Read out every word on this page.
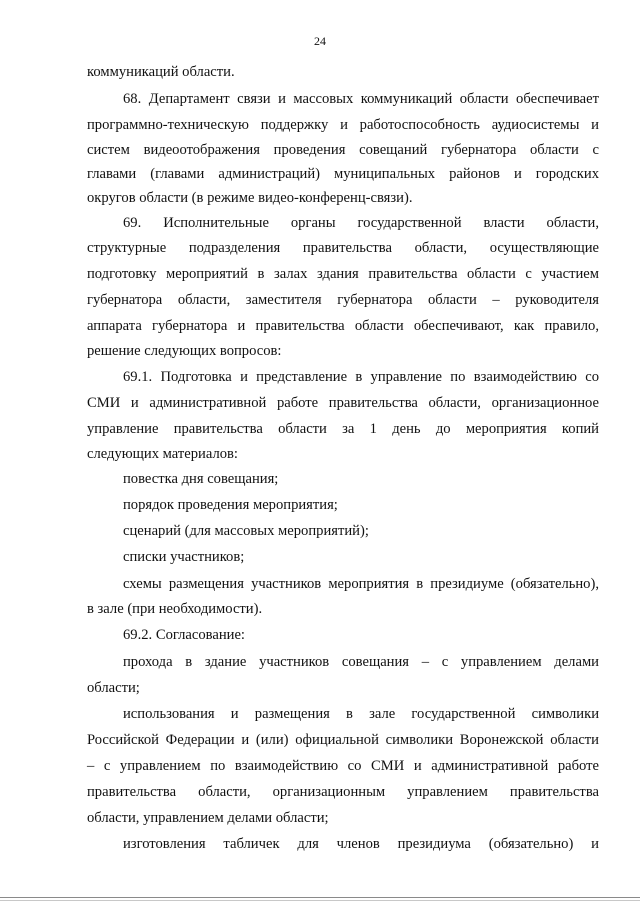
24
коммуникаций области.
68. Департамент связи и массовых коммуникаций области обеспечивает
программно-техническую поддержку и работоспособность аудиосистемы и
систем видеоотображения проведения совещаний губернатора области с
главами (главами администраций) муниципальных районов и городских
округов области (в режиме видео-конференц-связи).
69. Исполнительные органы государственной власти области,
структурные подразделения правительства области, осуществляющие
подготовку мероприятий в залах здания правительства области с участием
губернатора области, заместителя губернатора области – руководителя
аппарата губернатора и правительства области обеспечивают, как правило,
решение следующих вопросов:
69.1. Подготовка и представление в управление по взаимодействию со
СМИ и административной работе правительства области, организационное
управление правительства области за 1 день до мероприятия копий
следующих материалов:
повестка дня совещания;
порядок проведения мероприятия;
сценарий (для массовых мероприятий);
списки участников;
схемы размещения участников мероприятия в президиуме (обязательно),
в зале (при необходимости).
69.2. Согласование:
прохода в здание участников совещания – с управлением делами
области;
использования и размещения в зале государственной символики
Российской Федерации и (или) официальной символики Воронежской области
– с управлением по взаимодействию со СМИ и административной работе
правительства области, организационным управлением правительства
области, управлением делами области;
изготовления табличек для членов президиума (обязательно) и
